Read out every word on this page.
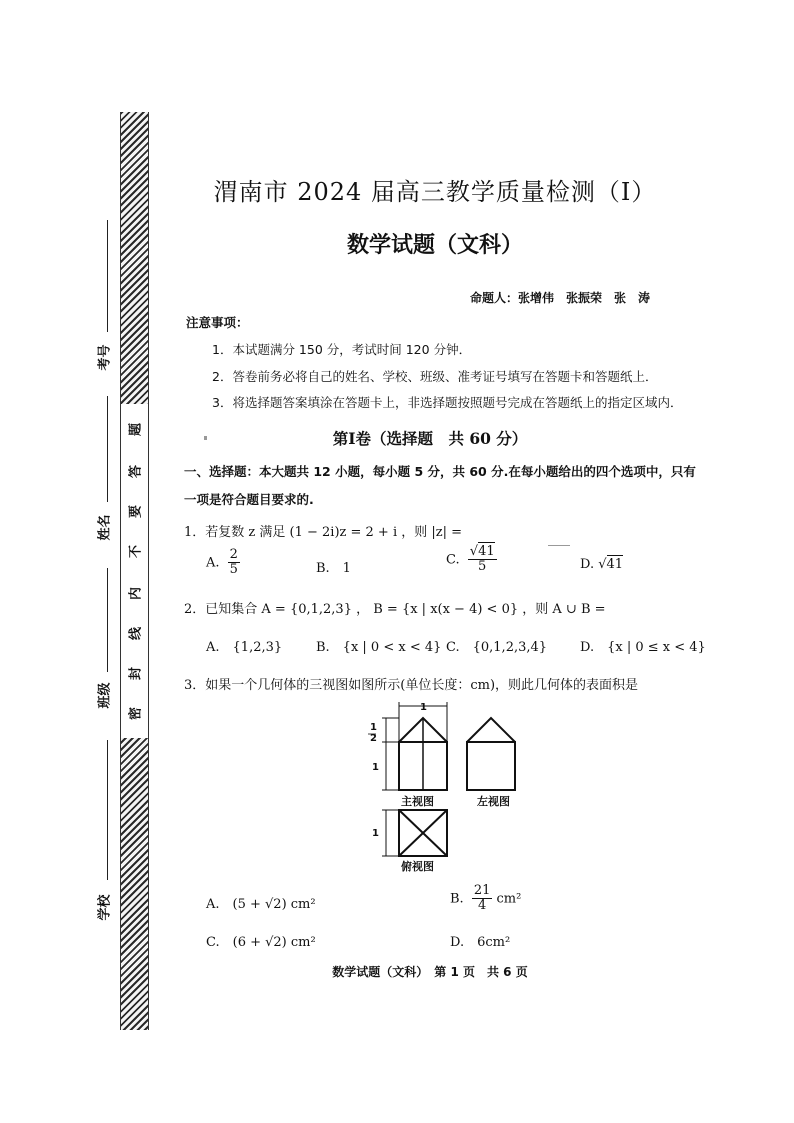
题
答
要
不
内
线
封
密
考号
姓名
班级
学校
渭南市 2024 届高三教学质量检测（Ⅰ）
数学试题（文科）
命题人：张增伟　张振荣　张　涛
注意事项：
1．本试题满分 150 分，考试时间 120 分钟．
2．答卷前务必将自己的姓名、学校、班级、准考证号填写在答题卡和答题纸上．
3．将选择题答案填涂在答题卡上，非选择题按照题号完成在答题纸上的指定区域内．
第Ⅰ卷（选择题　共 60 分）
一、选择题：本大题共 12 小题，每小题 5 分，共 60 分.在每小题给出的四个选项中，只有
一项是符合题目要求的.
1．若复数 z 满足 (1 − 2i)z = 2 + i ，则 |z| =
A. $\frac{2}{5}$	B.　1
C. $\frac{√41}{5}$	D. √41
2．已知集合 A = {0,1,2,3} ， B = {x | x(x − 4) < 0} ，则 A ∪ B =
A.　{1,2,3}	B.　{x | 0 < x < 4} C.　{0,1,2,3,4}	D.　{x | 0 ≤ x < 4}
3．如果一个几何体的三视图如图所示(单位长度：cm)，则此几何体的表面积是
1
1
2
1
1
主视图	左视图
俯视图
A.　(5 + √2) cm²	B. $\frac{21}{4} cm^2$
C.　(6 + √2) cm²	D.　6cm²
数学试题（文科）　第 1 页　共 6 页
